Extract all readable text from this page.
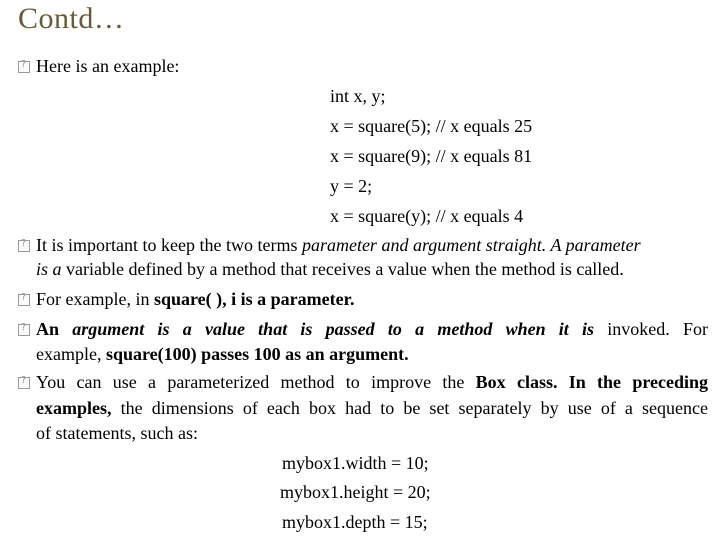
Contd…
?
Here is an example:
int x, y;
x = square(5); // x equals 25
x = square(9); // x equals 81
y = 2;
x = square(y); // x equals 4
?
It is important to keep the two terms parameter and argument straight. A parameter
is a variable defined by a method that receives a value when the method is called.
?
For example, in square( ), i is a parameter.
?
An argument is a value that is passed to a method when it is invoked. For
example, square(100) passes 100 as an argument.
?
You can use a parameterized method to improve the Box class. In the preceding
examples, the dimensions of each box had to be set separately by use of a sequence
of statements, such as:
mybox1.width = 10;
mybox1.height = 20;
mybox1.depth = 15;
